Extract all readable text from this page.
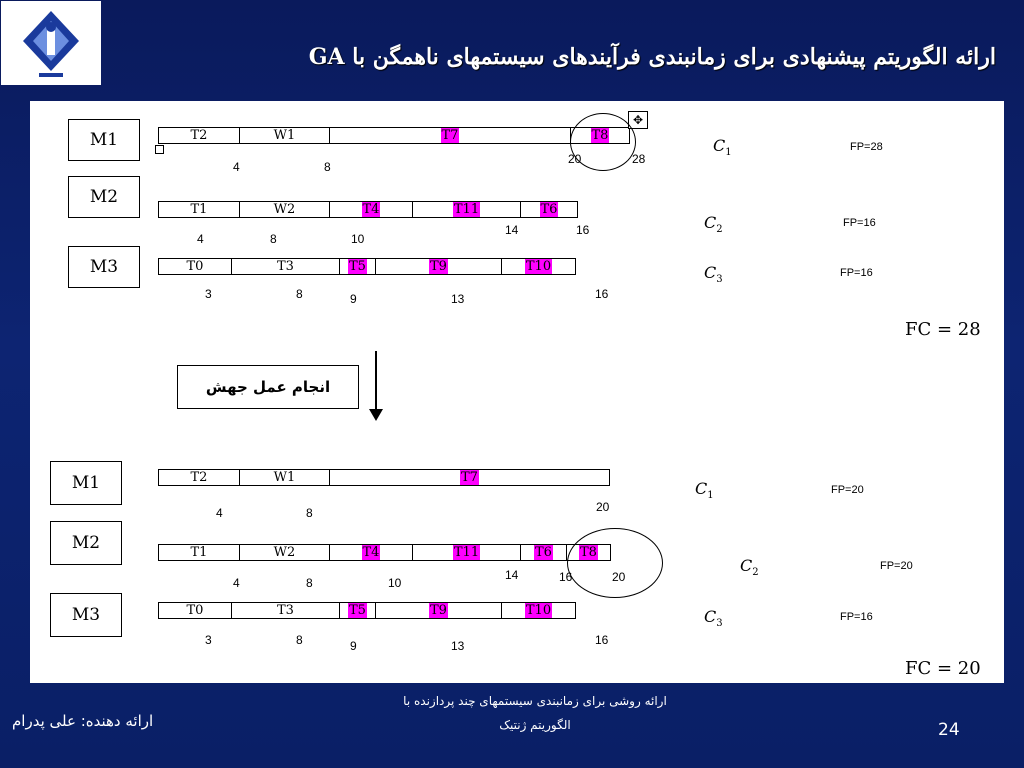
ارائه الگوریتم پیشنهادی برای زمانبندی فرآیندهای سیستمهای ناهمگن با GA
M1	T2	W1	T7	T8
✥
4	8
20	28
$C_1$	FP=28
M2
T1	W2	T4	T11	T6
4	8	10
14	16	$C_2$
FP=16
M3	T0	T3	T5	T9	T10
3	8	9	13	16
$C_3$
FP=16
FC = 28
انجام عمل جهش
M1	T2	W1	T7
4	8	20
$C_1$	FP=20
M2	T1	W2	T4	T11	T6 T8
4	8	10
14	16	20
$C_2$
FP=20
M3	T0	T3	T5	T9	T10
3	8	9	13	16
$C_3$
FP=16
FC = 20
ارائه روشی برای زمانبندی سیستمهای چند پردازنده با
الگوریتم ژنتیک
ارائه دهنده: علی پدرام	24
